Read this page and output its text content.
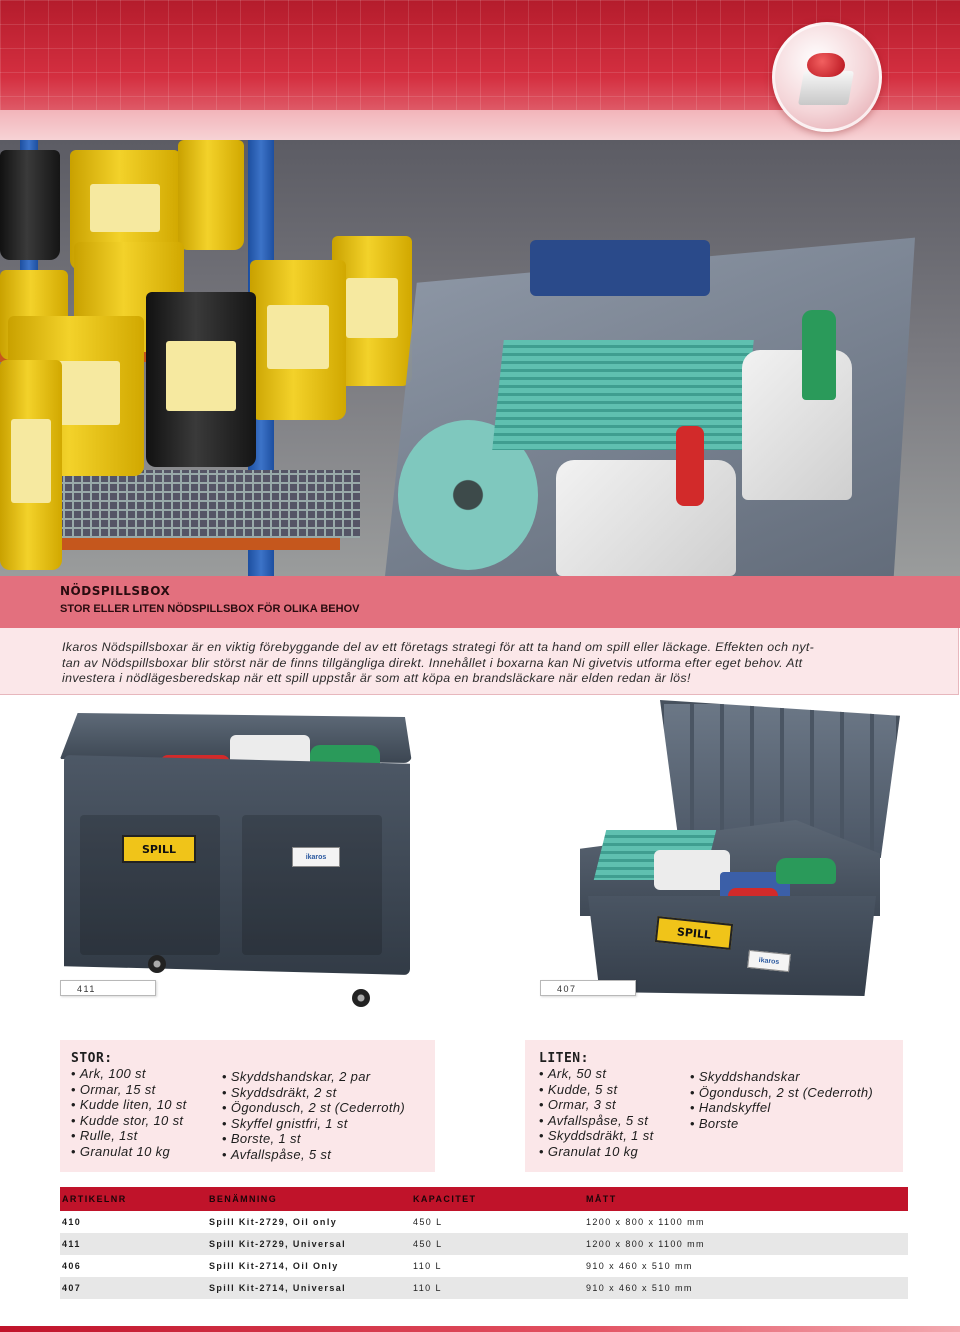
NÖDSPILLSBOX
STOR ELLER LITEN NÖDSPILLSBOX FÖR OLIKA BEHOV
Ikaros Nödspillsboxar är en viktig förebyggande del av ett företags strategi för att ta hand om spill eller läckage. Effekten och nyt-
tan av Nödspillsboxar blir störst när de finns tillgängliga direkt. Innehållet i boxarna kan Ni givetvis utforma efter eget behov. Att
investera i nödlägesberedskap när ett spill uppstår är som att köpa en brandsläckare när elden redan är lös!
SPILL
ikaros
SPILL
ikaros
411	407
STOR:
• Ark, 100 st
• Ormar, 15 st
• Kudde liten, 10 st
• Kudde stor, 10 st
• Rulle, 1st
• Granulat 10 kg
• Skyddshandskar, 2 par
• Skyddsdräkt, 2 st
• Ögondusch, 2 st (Cederroth)
• Skyffel gnistfri, 1 st
• Borste, 1 st
• Avfallspåse, 5 st
LITEN:
• Ark, 50 st
• Kudde, 5 st
• Ormar, 3 st
• Avfallspåse, 5 st
• Skyddsdräkt, 1 st
• Granulat 10 kg
• Skyddshandskar
• Ögondusch, 2 st (Cederroth)
• Handskyffel
• Borste
ARTIKELNR	BENÄMNING	KAPACITET	MÅTT
410	Spill Kit-2729, Oil only	450 L	1200 x 800 x 1100 mm
411	Spill Kit-2729, Universal	450 L	1200 x 800 x 1100 mm
406	Spill Kit-2714, Oil Only	110 L	910 x 460 x 510 mm
407	Spill Kit-2714, Universal	110 L	910 x 460 x 510 mm
